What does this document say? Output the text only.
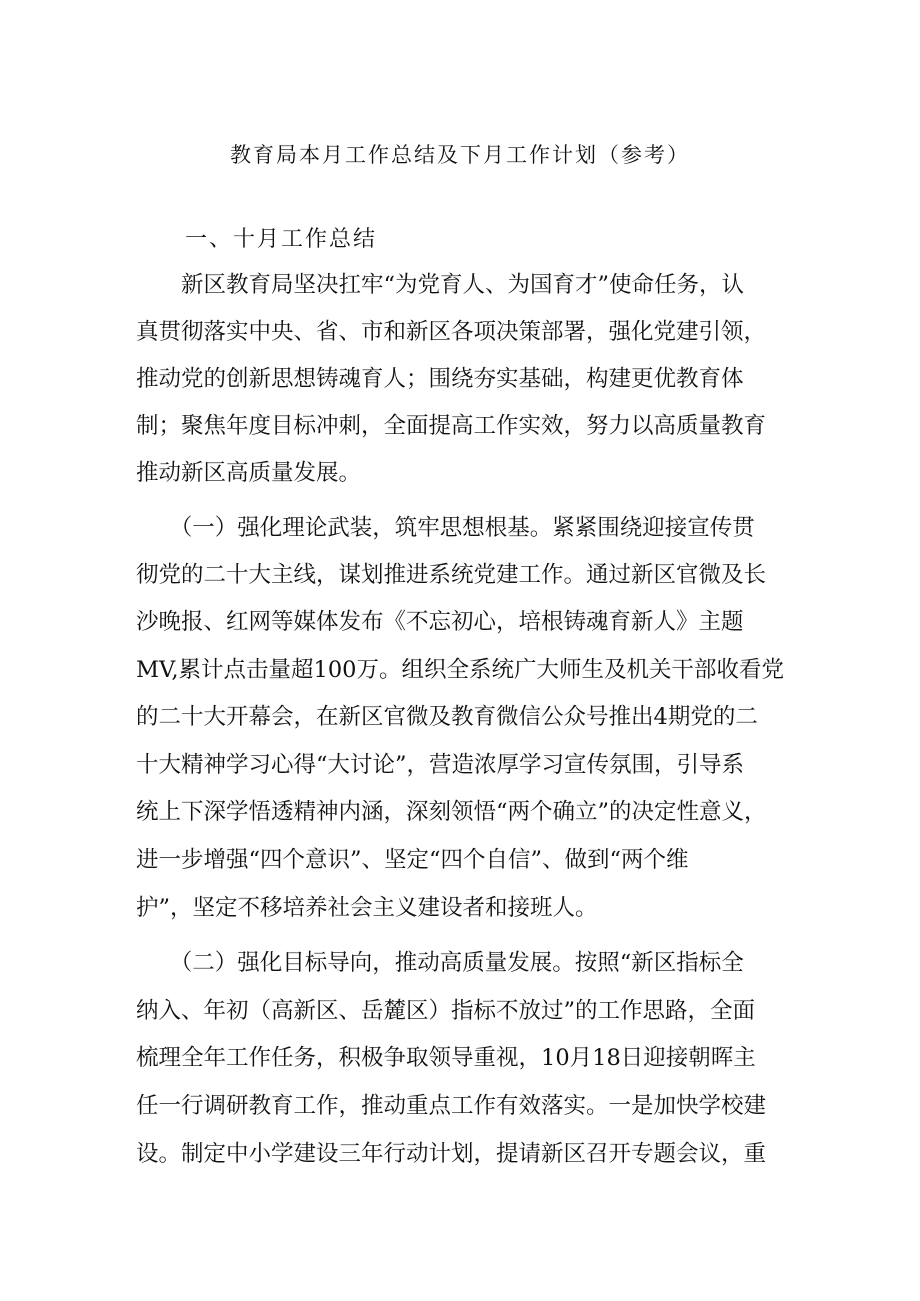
教育局本月工作总结及下月工作计划（参考）
一、十月工作总结
　　新区教育局坚决扛牢“为党育人、为国育才”使命任务，认
真贯彻落实中央、省、市和新区各项决策部署，强化党建引领，
推动党的创新思想铸魂育人；围绕夯实基础，构建更优教育体
制；聚焦年度目标冲刺，全面提高工作实效，努力以高质量教育
推动新区高质量发展。
　　（一）强化理论武装，筑牢思想根基。紧紧围绕迎接宣传贯
彻党的二十大主线，谋划推进系统党建工作。通过新区官微及长
沙晚报、红网等媒体发布《不忘初心，培根铸魂育新人》主题
MV,累计点击量超100万。组织全系统广大师生及机关干部收看党
的二十大开幕会，在新区官微及教育微信公众号推出4期党的二
十大精神学习心得“大讨论”，营造浓厚学习宣传氛围，引导系
统上下深学悟透精神内涵，深刻领悟“两个确立”的决定性意义，
进一步增强“四个意识”、坚定“四个自信”、做到“两个维
护”，坚定不移培养社会主义建设者和接班人。
　　（二）强化目标导向，推动高质量发展。按照“新区指标全
纳入、年初（高新区、岳麓区）指标不放过”的工作思路，全面
梳理全年工作任务，积极争取领导重视，10月18日迎接朝晖主
任一行调研教育工作，推动重点工作有效落实。一是加快学校建
设。制定中小学建设三年行动计划，提请新区召开专题会议，重
